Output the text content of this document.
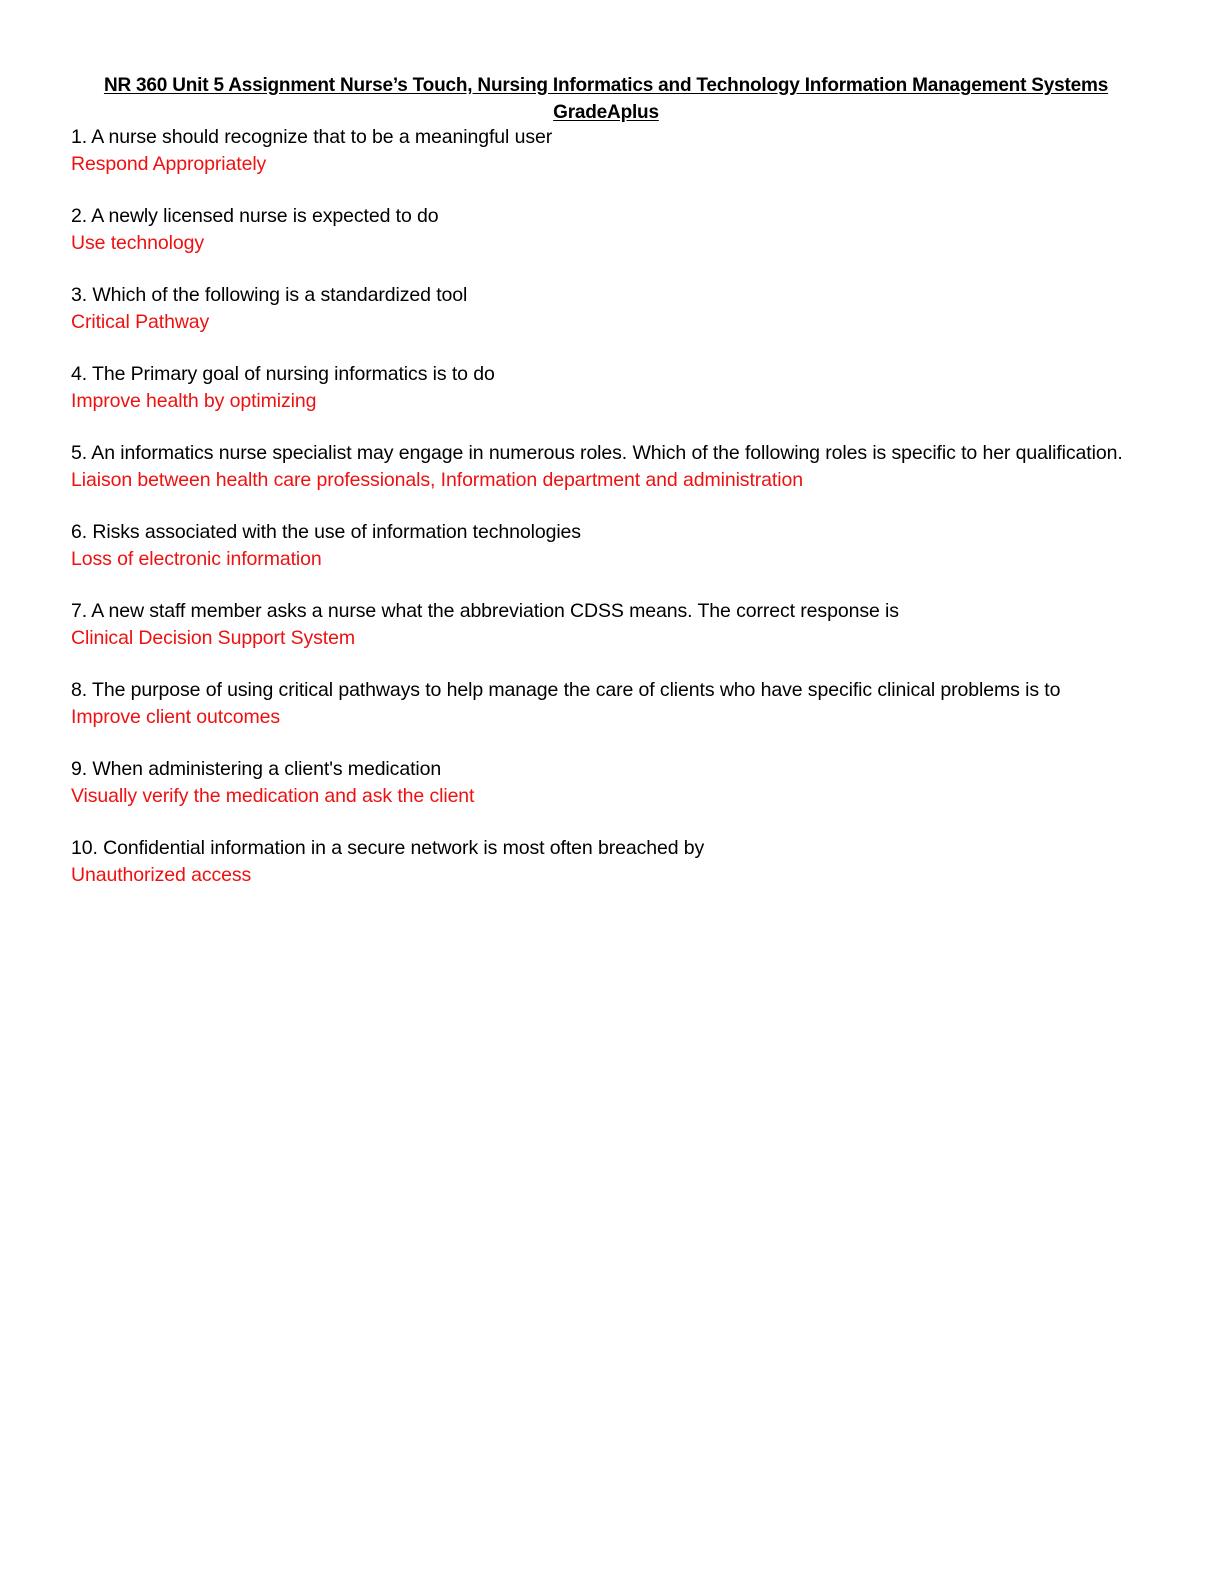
NR 360 Unit 5 Assignment Nurse’s Touch, Nursing Informatics and Technology Information Management Systems
GradeAplus
1. A nurse should recognize that to be a meaningful user
Respond Appropriately
2. A newly licensed nurse is expected to do
Use technology
3. Which of the following is a standardized tool
Critical Pathway
4. The Primary goal of nursing informatics is to do
Improve health by optimizing
5. An informatics nurse specialist may engage in numerous roles. Which of the following roles is specific to her qualification.
Liaison between health care professionals, Information department and administration
6. Risks associated with the use of information technologies
Loss of electronic information
7. A new staff member asks a nurse what the abbreviation CDSS means. The correct response is
Clinical Decision Support System
8. The purpose of using critical pathways to help manage the care of clients who have specific clinical problems is to
Improve client outcomes
9. When administering a client's medication
Visually verify the medication and ask the client
10. Confidential information in a secure network is most often breached by
Unauthorized access
